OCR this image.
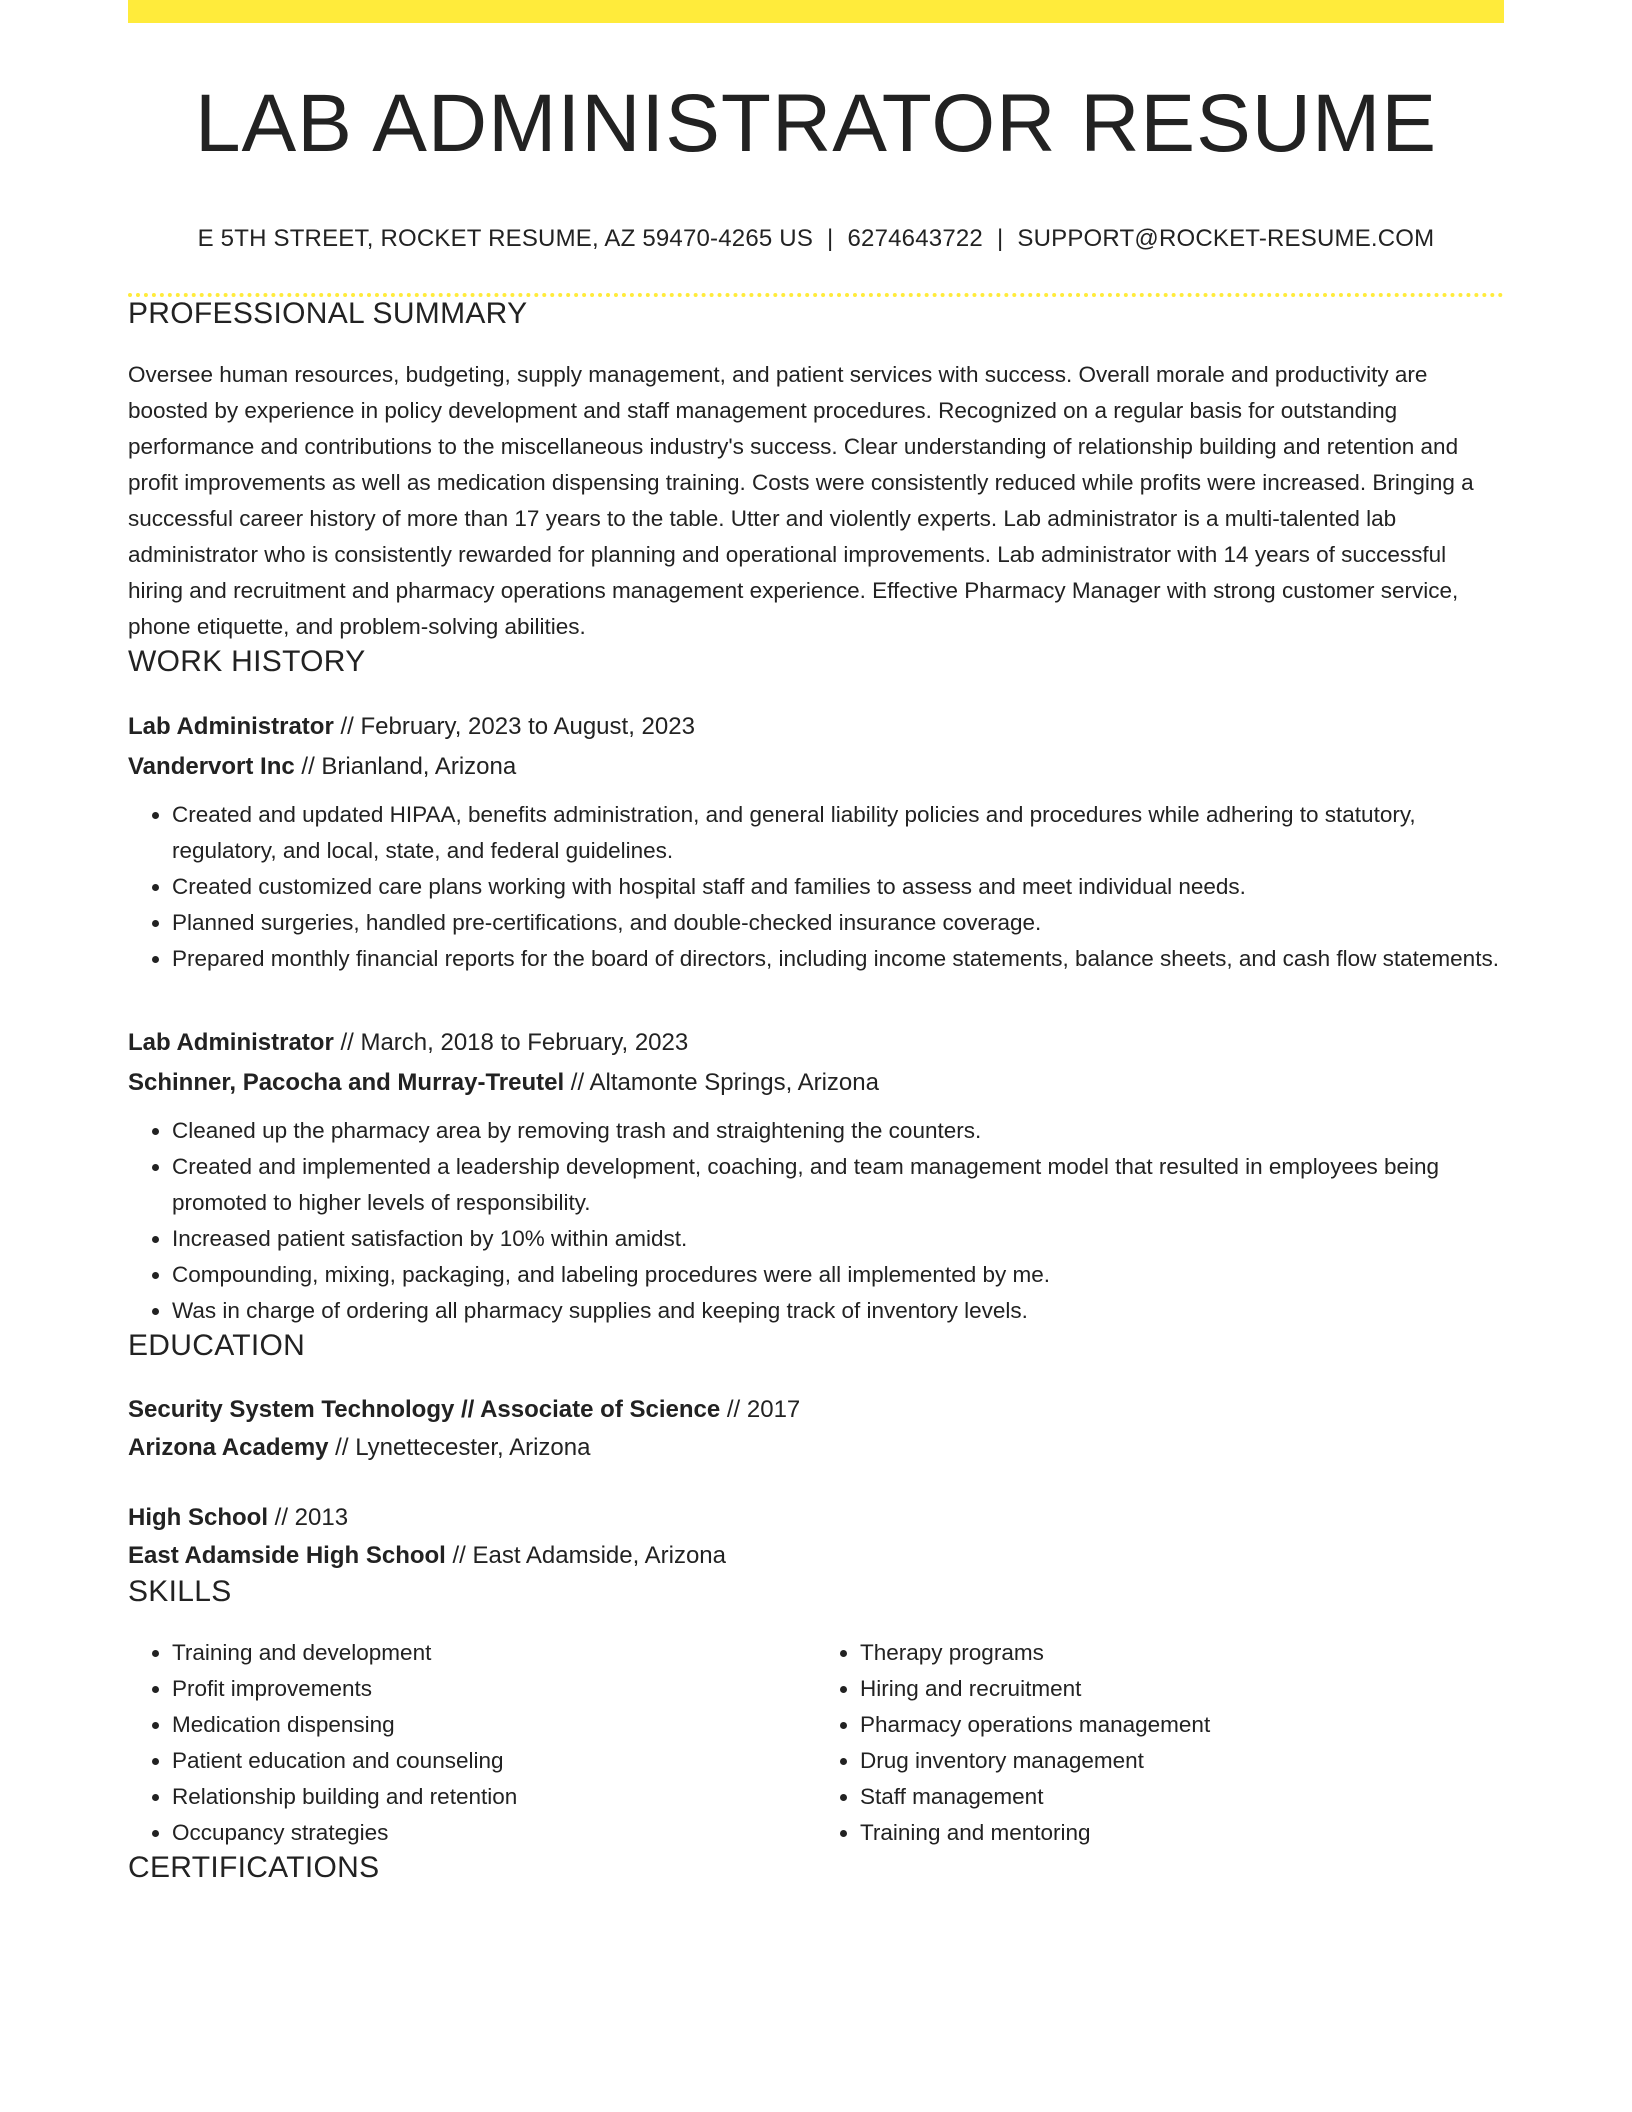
LAB ADMINISTRATOR RESUME
E 5TH STREET, ROCKET RESUME, AZ 59470-4265 US | 6274643722 | SUPPORT@ROCKET-RESUME.COM
PROFESSIONAL SUMMARY
Oversee human resources, budgeting, supply management, and patient services with success. Overall morale and productivity are boosted by experience in policy development and staff management procedures. Recognized on a regular basis for outstanding performance and contributions to the miscellaneous industry's success. Clear understanding of relationship building and retention and profit improvements as well as medication dispensing training. Costs were consistently reduced while profits were increased. Bringing a successful career history of more than 17 years to the table. Utter and violently experts. Lab administrator is a multi-talented lab administrator who is consistently rewarded for planning and operational improvements. Lab administrator with 14 years of successful hiring and recruitment and pharmacy operations management experience. Effective Pharmacy Manager with strong customer service, phone etiquette, and problem-solving abilities.
WORK HISTORY
Lab Administrator // February, 2023 to August, 2023
Vandervort Inc // Brianland, Arizona
• Created and updated HIPAA, benefits administration, and general liability policies and procedures while adhering to statutory, regulatory, and local, state, and federal guidelines.
• Created customized care plans working with hospital staff and families to assess and meet individual needs.
• Planned surgeries, handled pre-certifications, and double-checked insurance coverage.
• Prepared monthly financial reports for the board of directors, including income statements, balance sheets, and cash flow statements.
Lab Administrator // March, 2018 to February, 2023
Schinner, Pacocha and Murray-Treutel // Altamonte Springs, Arizona
• Cleaned up the pharmacy area by removing trash and straightening the counters.
• Created and implemented a leadership development, coaching, and team management model that resulted in employees being promoted to higher levels of responsibility.
• Increased patient satisfaction by 10% within amidst.
• Compounding, mixing, packaging, and labeling procedures were all implemented by me.
• Was in charge of ordering all pharmacy supplies and keeping track of inventory levels.
EDUCATION
Security System Technology // Associate of Science // 2017
Arizona Academy // Lynettecester, Arizona
High School // 2013
East Adamside High School // East Adamside, Arizona
SKILLS
• Training and development
• Profit improvements
• Medication dispensing
• Patient education and counseling
• Relationship building and retention
• Occupancy strategies
• Therapy programs
• Hiring and recruitment
• Pharmacy operations management
• Drug inventory management
• Staff management
• Training and mentoring
CERTIFICATIONS
